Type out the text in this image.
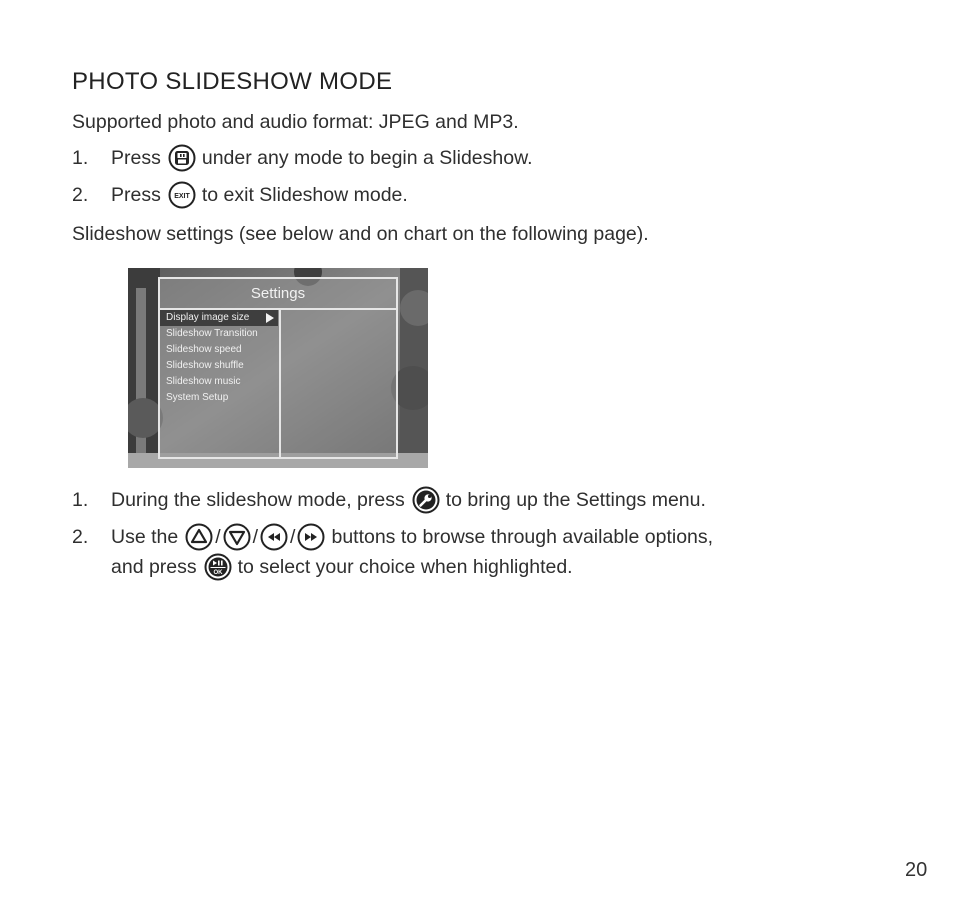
PHOTO SLIDESHOW MODE
Supported photo and audio format: JPEG and MP3.
1.	Press under any mode to begin a Slideshow.
2.	Press EXIT to exit Slideshow mode.
Slideshow settings (see below and on chart on the following page).
Settings
Display image size
Slideshow Transition
Slideshow speed
Slideshow shuffle
Slideshow music
System Setup
1.	During the slideshow mode, press to bring up the Settings menu.
2.	Use the / / / buttons to browse through available options,
and press	OK to select your choice when highlighted.
20
